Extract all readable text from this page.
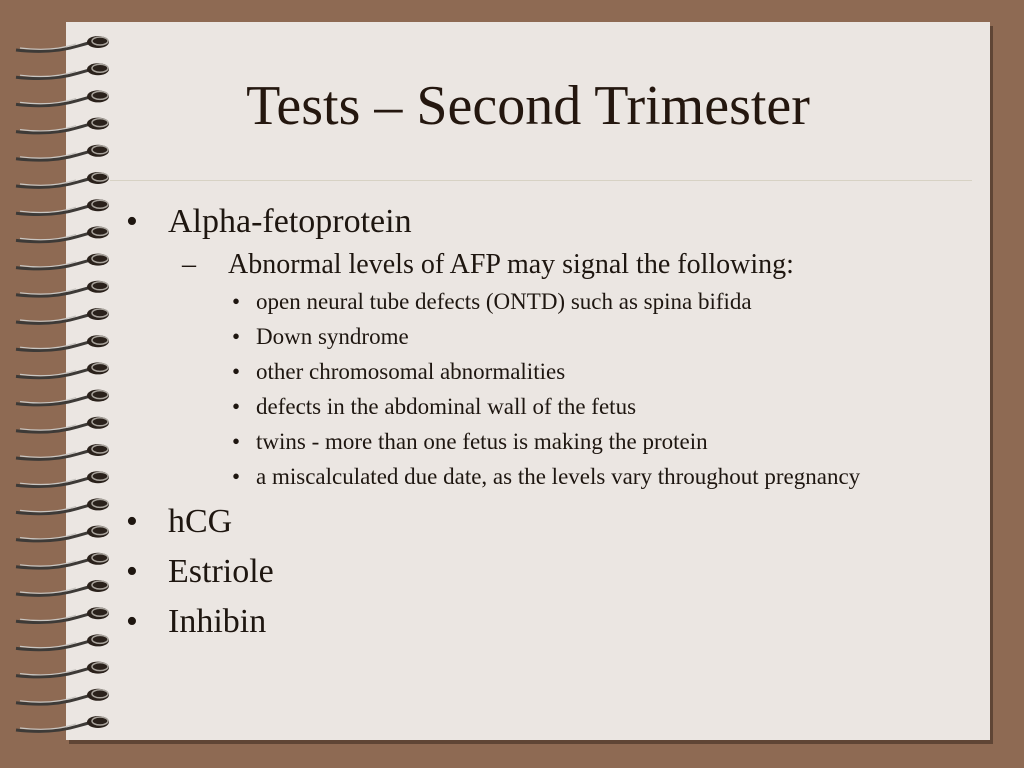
Tests – Second Trimester
• Alpha-fetoprotein
– Abnormal levels of AFP may signal the following:
• open neural tube defects (ONTD) such as spina bifida
• Down syndrome
• other chromosomal abnormalities
• defects in the abdominal wall of the fetus
• twins - more than one fetus is making the protein
• a miscalculated due date, as the levels vary throughout pregnancy
• hCG
• Estriole
• Inhibin
